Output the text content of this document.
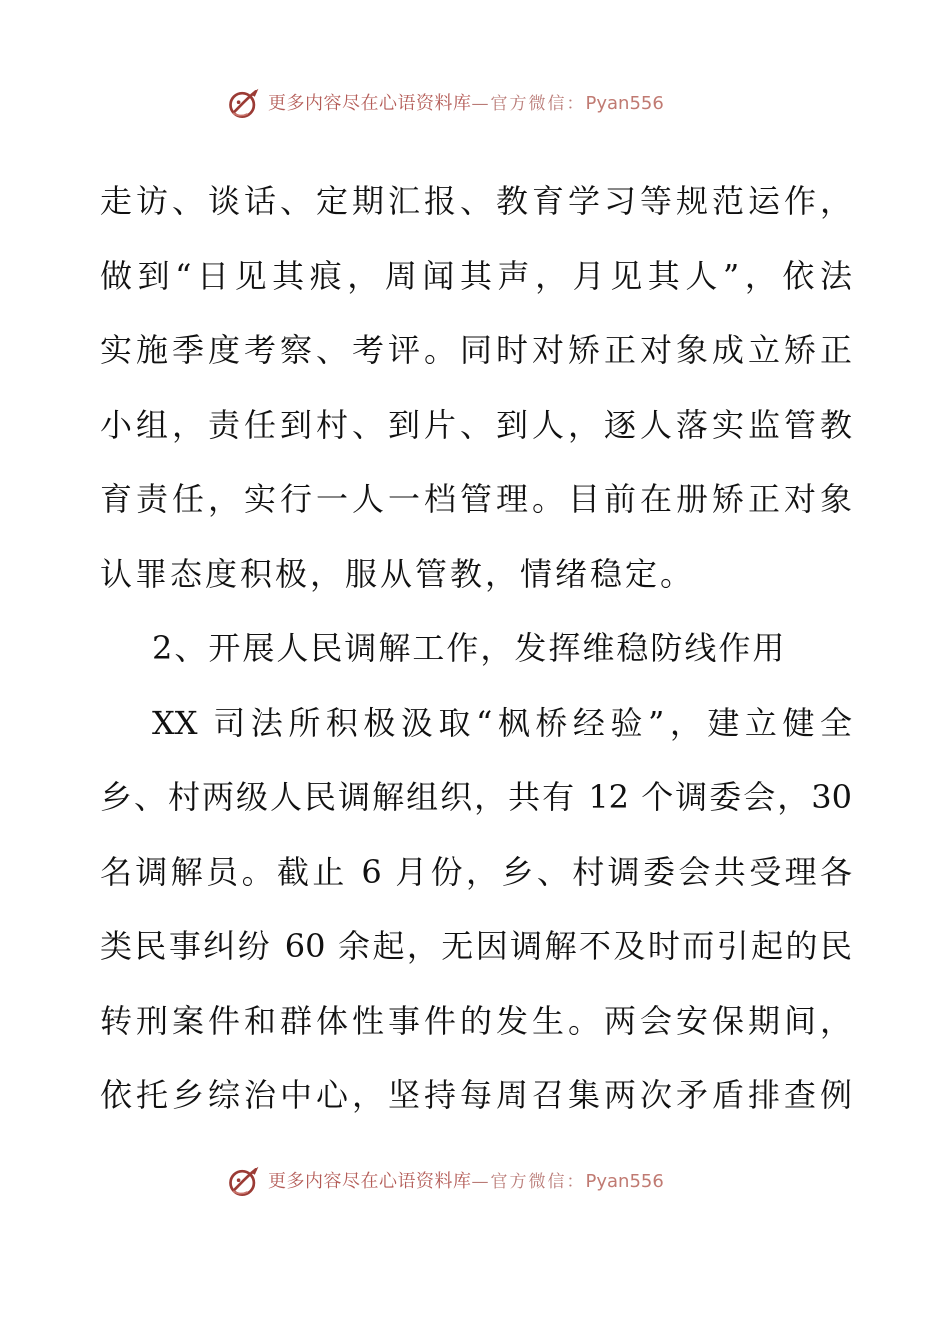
更多内容尽在心语资料库 —官方微信： Pyan556
走访、谈话、定期汇报、教育学习等规范运作，
做到“日见其痕，周闻其声，月见其人”，依法
实施季度考察、考评。同时对矫正对象成立矫正
小组，责任到村、到片、到人，逐人落实监管教
育责任，实行一人一档管理。目前在册矫正对象
认罪态度积极，服从管教，情绪稳定。
2、开展人民调解工作，发挥维稳防线作用
XX 司法所积极汲取“枫桥经验”，建立健全
乡、村两级人民调解组织，共有 12 个调委会，30
名调解员。截止 6 月份，乡、村调委会共受理各
类民事纠纷 60 余起，无因调解不及时而引起的民
转刑案件和群体性事件的发生。两会安保期间，
依托乡综治中心，坚持每周召集两次矛盾排查例
更多内容尽在心语资料库 —官方微信： Pyan556
